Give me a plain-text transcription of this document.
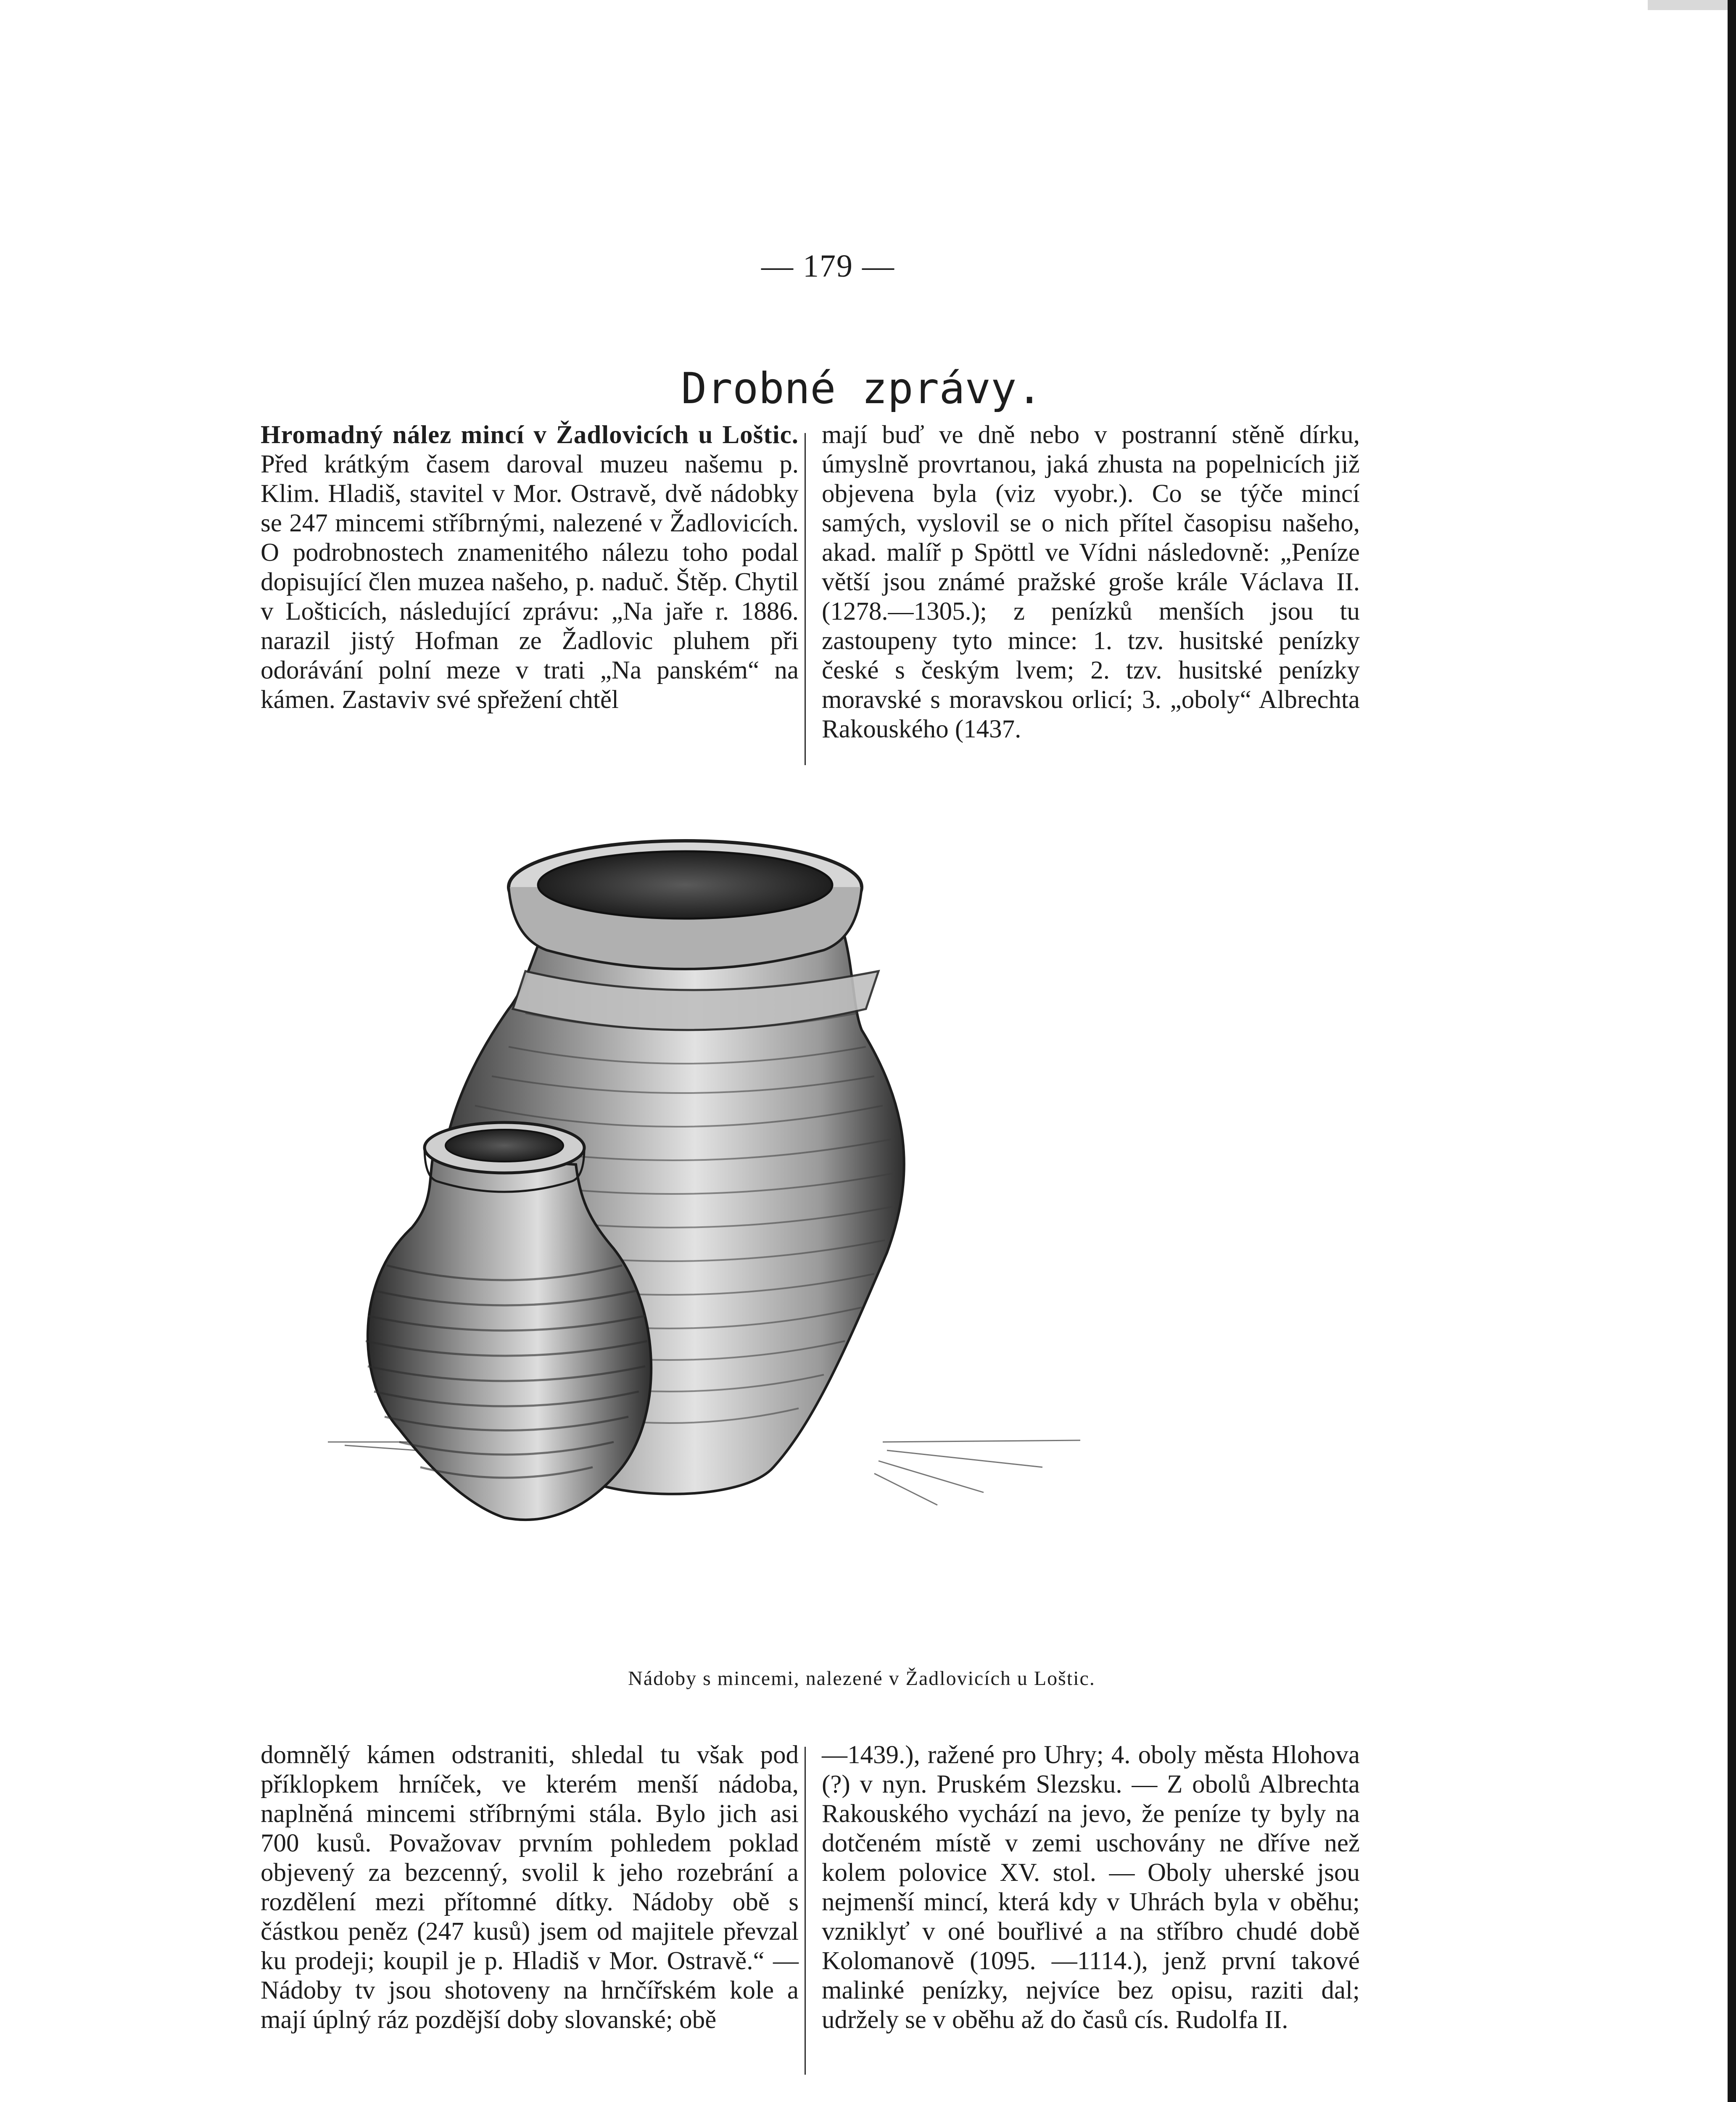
— 179 —
Drobné zprávy.
Hromadný nález mincí v Žadlovicích u Loštic. Před krátkým časem daroval muzeu našemu p. Klim. Hladiš, stavitel v Mor. Ostravě, dvě nádobky se 247 mincemi stříbrnými, nalezené v Žadlovicích. O podrobnostech znamenitého nálezu toho podal dopisující člen muzea našeho, p. naduč. Štěp. Chytil v Lošticích, následující zprávu: „Na jaře r. 1886. narazil jistý Hofman ze Žadlovic pluhem při odorávání polní meze v trati „Na panském“ na kámen. Zastaviv své spřežení chtěl
mají buď ve dně nebo v postranní stěně dírku, úmyslně provrtanou, jaká zhusta na popelnicích již objevena byla (viz vyobr.). Co se týče mincí samých, vyslovil se o nich přítel časopisu našeho, akad. malíř p Spöttl ve Vídni následovně: „Peníze větší jsou známé pražské groše krále Václava II. (1278.—1305.); z penízků menších jsou tu zastoupeny tyto mince: 1. tzv. husitské penízky české s českým lvem; 2. tzv. husitské penízky moravské s moravskou orlicí; 3. „oboly“ Albrechta Rakouského (1437.
Nádoby s mincemi, nalezené v Žadlovicích u Loštic.
domnělý kámen odstraniti, shledal tu však pod příklopkem hrníček, ve kterém menší nádoba, naplněná mincemi stříbrnými stála. Bylo jich asi 700 kusů. Považovav prvním pohledem poklad objevený za bezcenný, svolil k jeho rozebrání a rozdělení mezi přítomné dítky. Nádoby obě s částkou peněz (247 kusů) jsem od majitele převzal ku prodeji; koupil je p. Hladiš v Mor. Ostravě.“ — Nádoby tv jsou shotoveny na hrnčířském kole a mají úplný ráz pozdější doby slovanské; obě
—1439.), ražené pro Uhry; 4. oboly města Hlohova (?) v nyn. Pruském Slezsku. — Z obolů Albrechta Rakouského vychází na jevo, že peníze ty byly na dotčeném místě v zemi uschovány ne dříve než kolem polovice XV. stol. — Oboly uherské jsou nejmenší mincí, která kdy v Uhrách byla v oběhu; vzniklyť v oné bouřlivé a na stříbro chudé době Kolomanově (1095. —1114.), jenž první takové malinké penízky, nejvíce bez opisu, raziti dal; udržely se v oběhu až do časů cís. Rudolfa II.
